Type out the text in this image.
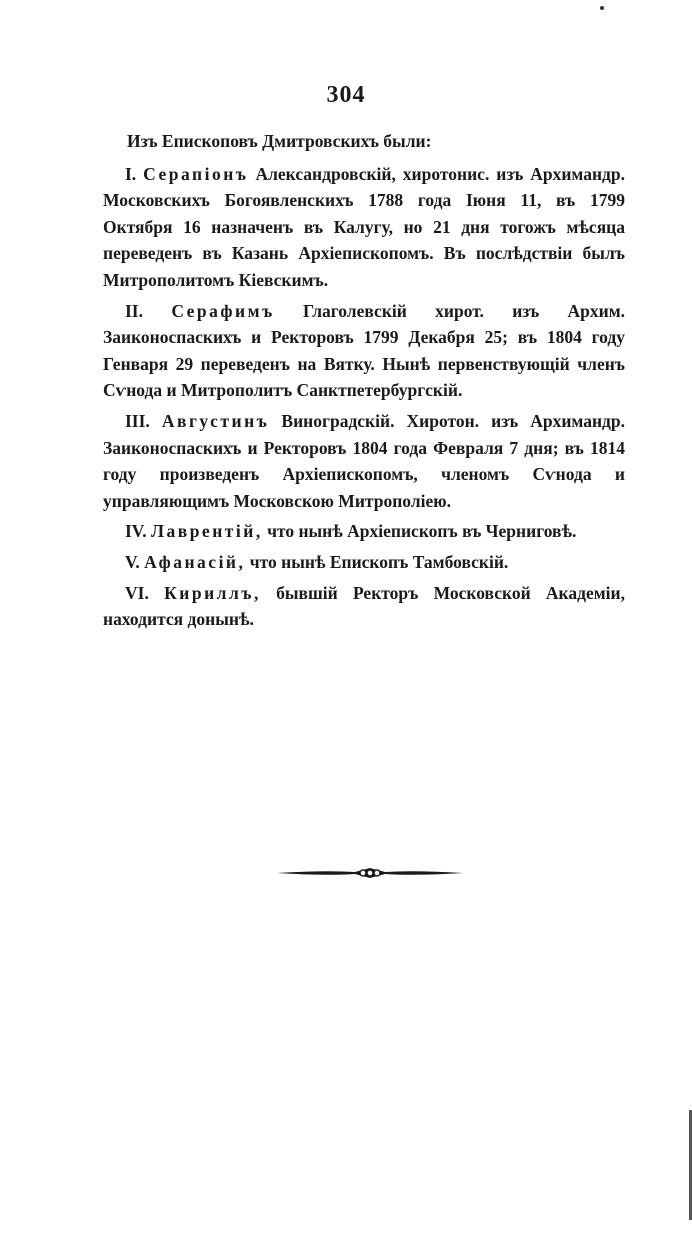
304

Изъ Епископовъ Дмитровскихъ были:

I. Серапіонъ Александровскій, хиротонис. изъ Архимандр. Московскихъ Богоявленскихъ 1788 года Іюня 11, въ 1799 Октября 16 назначенъ въ Калугу, но 21 дня тогожъ мѣсяца переведенъ въ Казань Архіепископомъ. Въ послѣдствіи былъ Митрополитомъ Кіевскимъ.

II. Серафимъ Глаголевскій хирот. изъ Архим. Заиконоспаскихъ и Ректоровъ 1799 Декабря 25; въ 1804 году Генваря 29 переведенъ на Вятку. Нынѣ первенствующій членъ Сѵнода и Митрополитъ Санктпетербургскій.

III. Августинъ Виноградскій. Хиротон. изъ Архимандр. Заиконоспаскихъ и Ректоровъ 1804 года Февраля 7 дня; въ 1814 году произведенъ Архіепископомъ, членомъ Сѵнода и управляющимъ Московскою Митрополіею.

IV. Лаврентій, что нынѣ Архіепископъ въ Черниговѣ.

V. Афанасій, что нынѣ Епископъ Тамбовскій.

VI. Кириллъ, бывшій Ректоръ Московской Академіи, находится донынѣ.
